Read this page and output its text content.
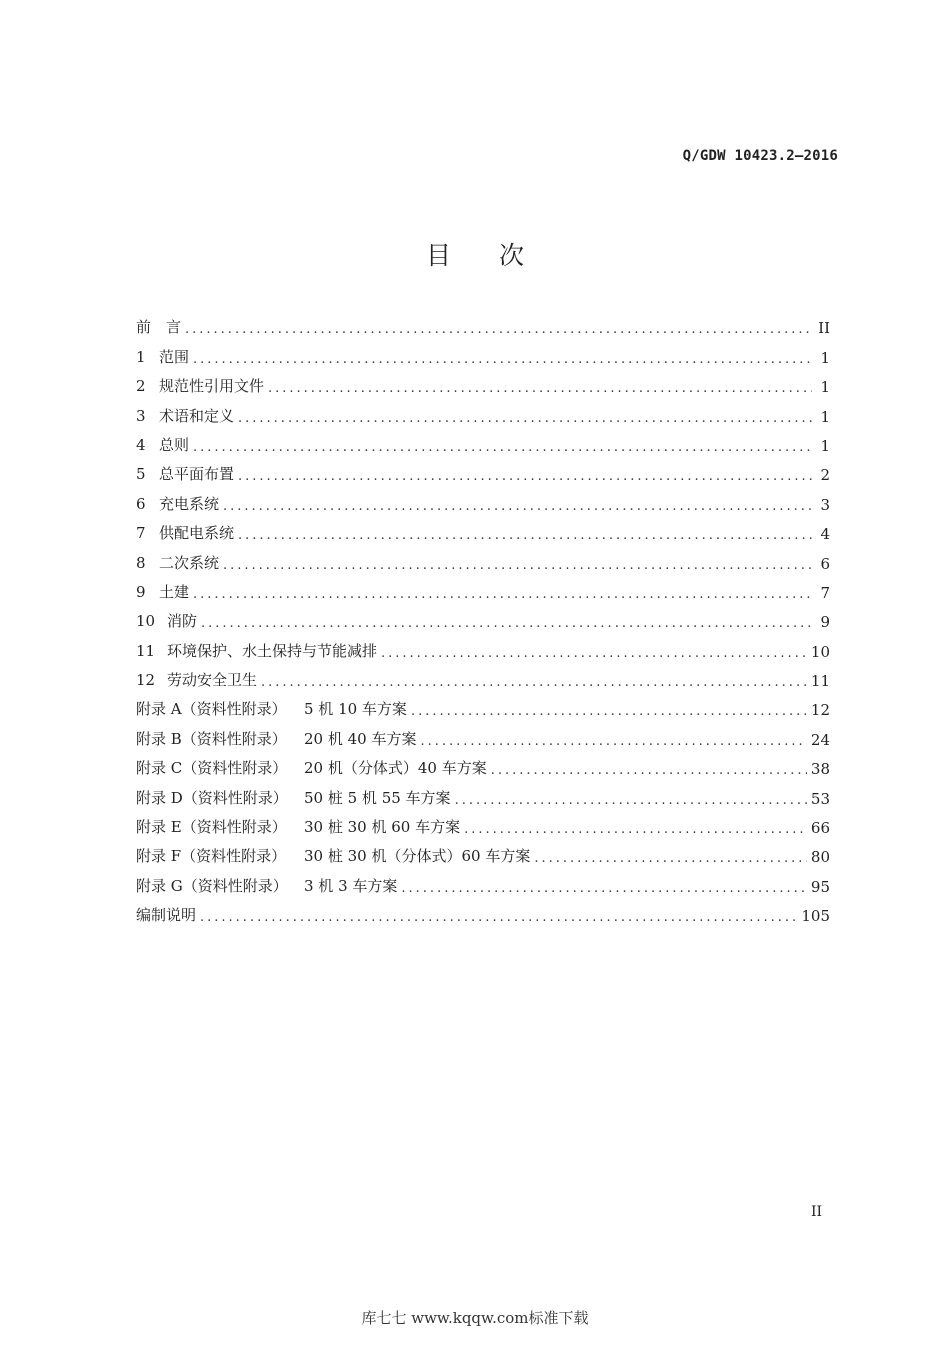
Q/GDW 10423.2—2016
目 次
前　言 .....	II
1 范围 .....	1
2 规范性引用文件 .....	1
3 术语和定义 .....	1
4 总则 .....	1
5 总平面布置 .....	2
6 充电系统 .....	3
7 供配电系统 .....	4
8 二次系统 .....	6
9 土建 .....	7
10 消防 .....	9
11 环境保护、水土保持与节能减排 .....	10
12 劳动安全卫生 .....	11
附录 A（资料性附录） 5 机 10 车方案 .....	12
附录 B（资料性附录） 20 机 40 车方案 .....	24
附录 C（资料性附录） 20 机（分体式）40 车方案 .....	38
附录 D（资料性附录） 50 桩 5 机 55 车方案 .....	53
附录 E（资料性附录） 30 桩 30 机 60 车方案 .....	66
附录 F（资料性附录） 30 桩 30 机（分体式）60 车方案 .....	80
附录 G（资料性附录） 3 机 3 车方案 .....	95
编制说明 .....	105
II
库七七 www.kqqw.com标准下载
